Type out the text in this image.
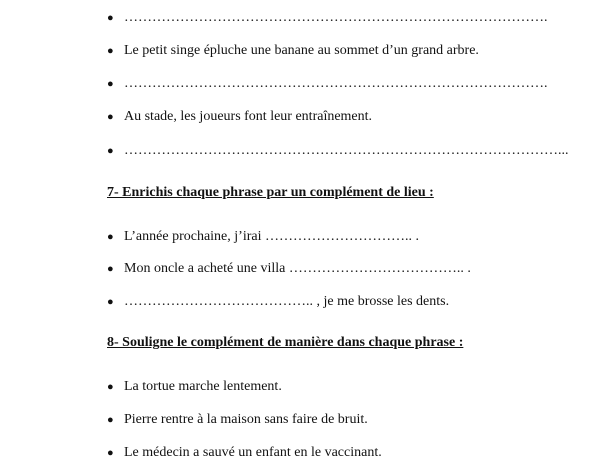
● ……………………………………………………………………………….
● Le petit singe épluche une banane au sommet d’un grand arbre.
● ……………………………………………………………………………….
● Au stade, les joueurs font leur entraînement.
● …………………………………………………………………………………...
7- Enrichis chaque phrase par un complément de lieu :
● L’année prochaine, j’irai ………………………….. .
● Mon oncle a acheté une villa ……………………………….. .
● ………………………………….. , je me brosse les dents.
8- Souligne le complément de manière dans chaque phrase :
● La tortue marche lentement.
● Pierre rentre à la maison sans faire de bruit.
● Le médecin a sauvé un enfant en le vaccinant.
